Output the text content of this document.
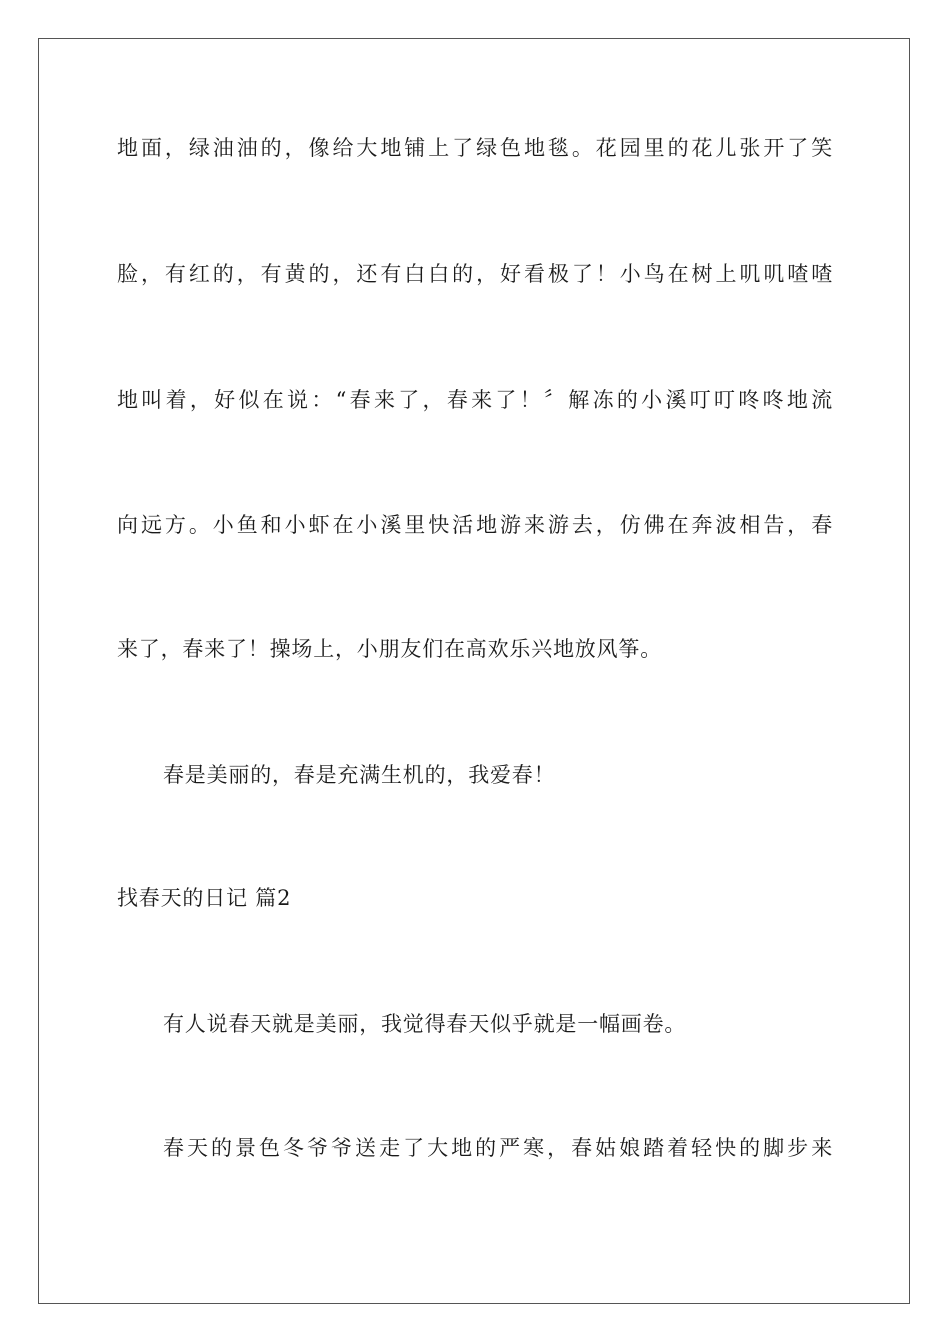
地面，绿油油的，像给大地铺上了绿色地毯。花园里的花儿张开了笑
脸，有红的，有黄的，还有白白的，好看极了！小鸟在树上叽叽喳喳
地叫着，好似在说：“春来了，春来了！〞解冻的小溪叮叮咚咚地流
向远方。小鱼和小虾在小溪里快活地游来游去，仿佛在奔波相告，春
来了，春来了！操场上，小朋友们在高欢乐兴地放风筝。
春是美丽的，春是充满生机的，我爱春！
找春天的日记 篇2
有人说春天就是美丽，我觉得春天似乎就是一幅画卷。
春天的景色冬爷爷送走了大地的严寒，春姑娘踏着轻快的脚步来
